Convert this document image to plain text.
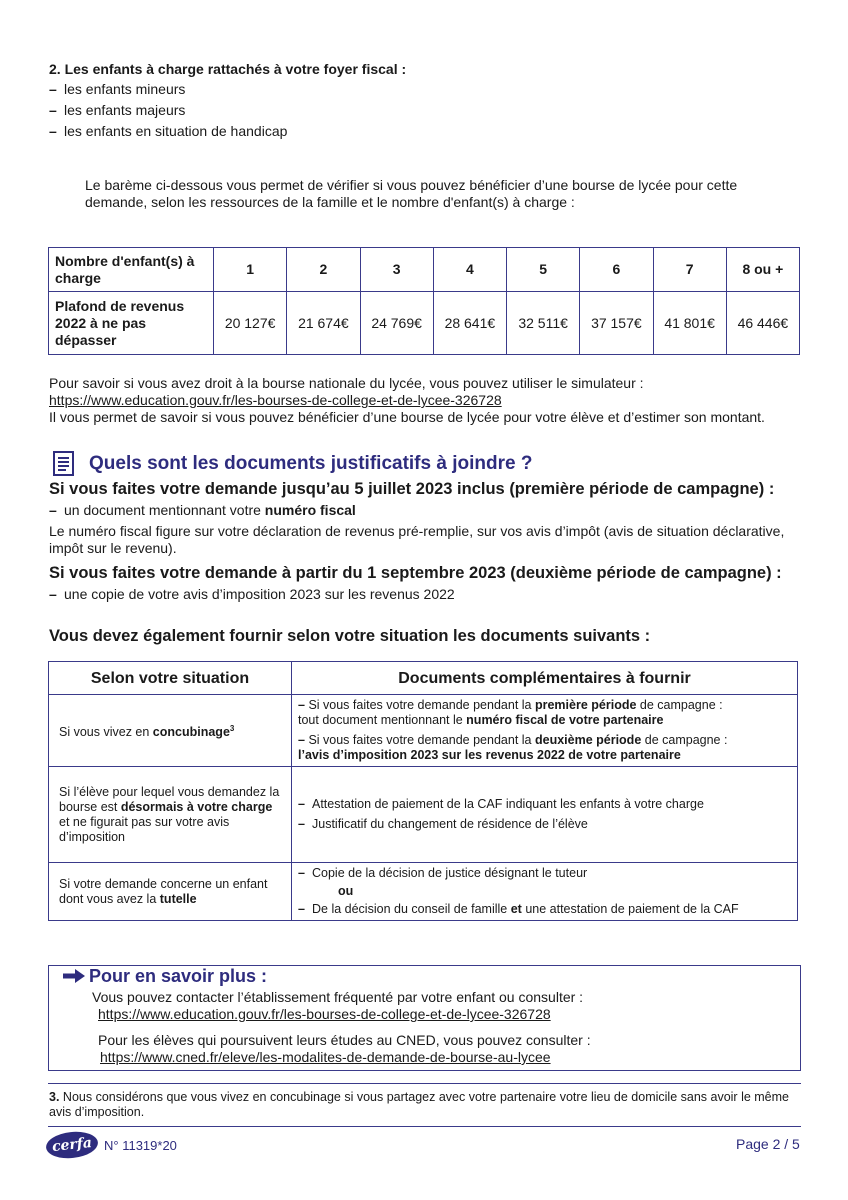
2. Les enfants à charge rattachés à votre foyer fiscal :
– les enfants mineurs
– les enfants majeurs
– les enfants en situation de handicap
Le barème ci-dessous vous permet de vérifier si vous pouvez bénéficier d’une bourse de lycée pour cette demande, selon les ressources de la famille et le nombre d'enfant(s) à charge :
Nombre d'enfant(s) à charge	1	2	3	4	5	6	7	8 ou +
Plafond de revenus 2022 à ne pas dépasser	20 127€	21 674€	24 769€	28 641€	32 511€	37 157€	41 801€	46 446€
Pour savoir si vous avez droit à la bourse nationale du lycée, vous pouvez utiliser le simulateur :
https://www.education.gouv.fr/les-bourses-de-college-et-de-lycee-326728
Il vous permet de savoir si vous pouvez bénéficier d’une bourse de lycée pour votre élève et d’estimer son montant.
Quels sont les documents justificatifs à joindre ?
Si vous faites votre demande jusqu’au 5 juillet 2023 inclus (première période de campagne) :
– un document mentionnant votre numéro fiscal
Le numéro fiscal figure sur votre déclaration de revenus pré-remplie, sur vos avis d’impôt (avis de situation déclarative, impôt sur le revenu).
Si vous faites votre demande à partir du 1 septembre 2023 (deuxième période de campagne) :
– une copie de votre avis d’imposition 2023 sur les revenus 2022
Vous devez également fournir selon votre situation les documents suivants :
Selon votre situation	Documents complémentaires à fournir
Si vous vivez en concubinage$^3$	– Si vous faites votre demande pendant la première période de campagne :
tout document mentionnant le numéro fiscal de votre partenaire
– Si vous faites votre demande pendant la deuxième période de campagne :
l’avis d’imposition 2023 sur les revenus 2022 de votre partenaire

Si l’élève pour lequel vous demandez la bourse est désormais à votre charge et ne figurait pas sur votre avis d’imposition	– Attestation de paiement de la CAF indiquant les enfants à votre charge
– Justificatif du changement de résidence de l’élève

Si votre demande concerne un enfant dont vous avez la tutelle	– Copie de la décision de justice désignant le tuteur
ou
– De la décision du conseil de famille et une attestation de paiement de la CAF
Pour en savoir plus :
Vous pouvez contacter l’établissement fréquenté par votre enfant ou consulter :
https://www.education.gouv.fr/les-bourses-de-college-et-de-lycee-326728
Pour les élèves qui poursuivent leurs études au CNED, vous pouvez consulter :
https://www.cned.fr/eleve/les-modalites-de-demande-de-bourse-au-lycee
3. Nous considérons que vous vivez en concubinage si vous partagez avec votre partenaire votre lieu de domicile sans avoir le même avis d’imposition.
cerfa N° 11319*20	Page 2 / 5
